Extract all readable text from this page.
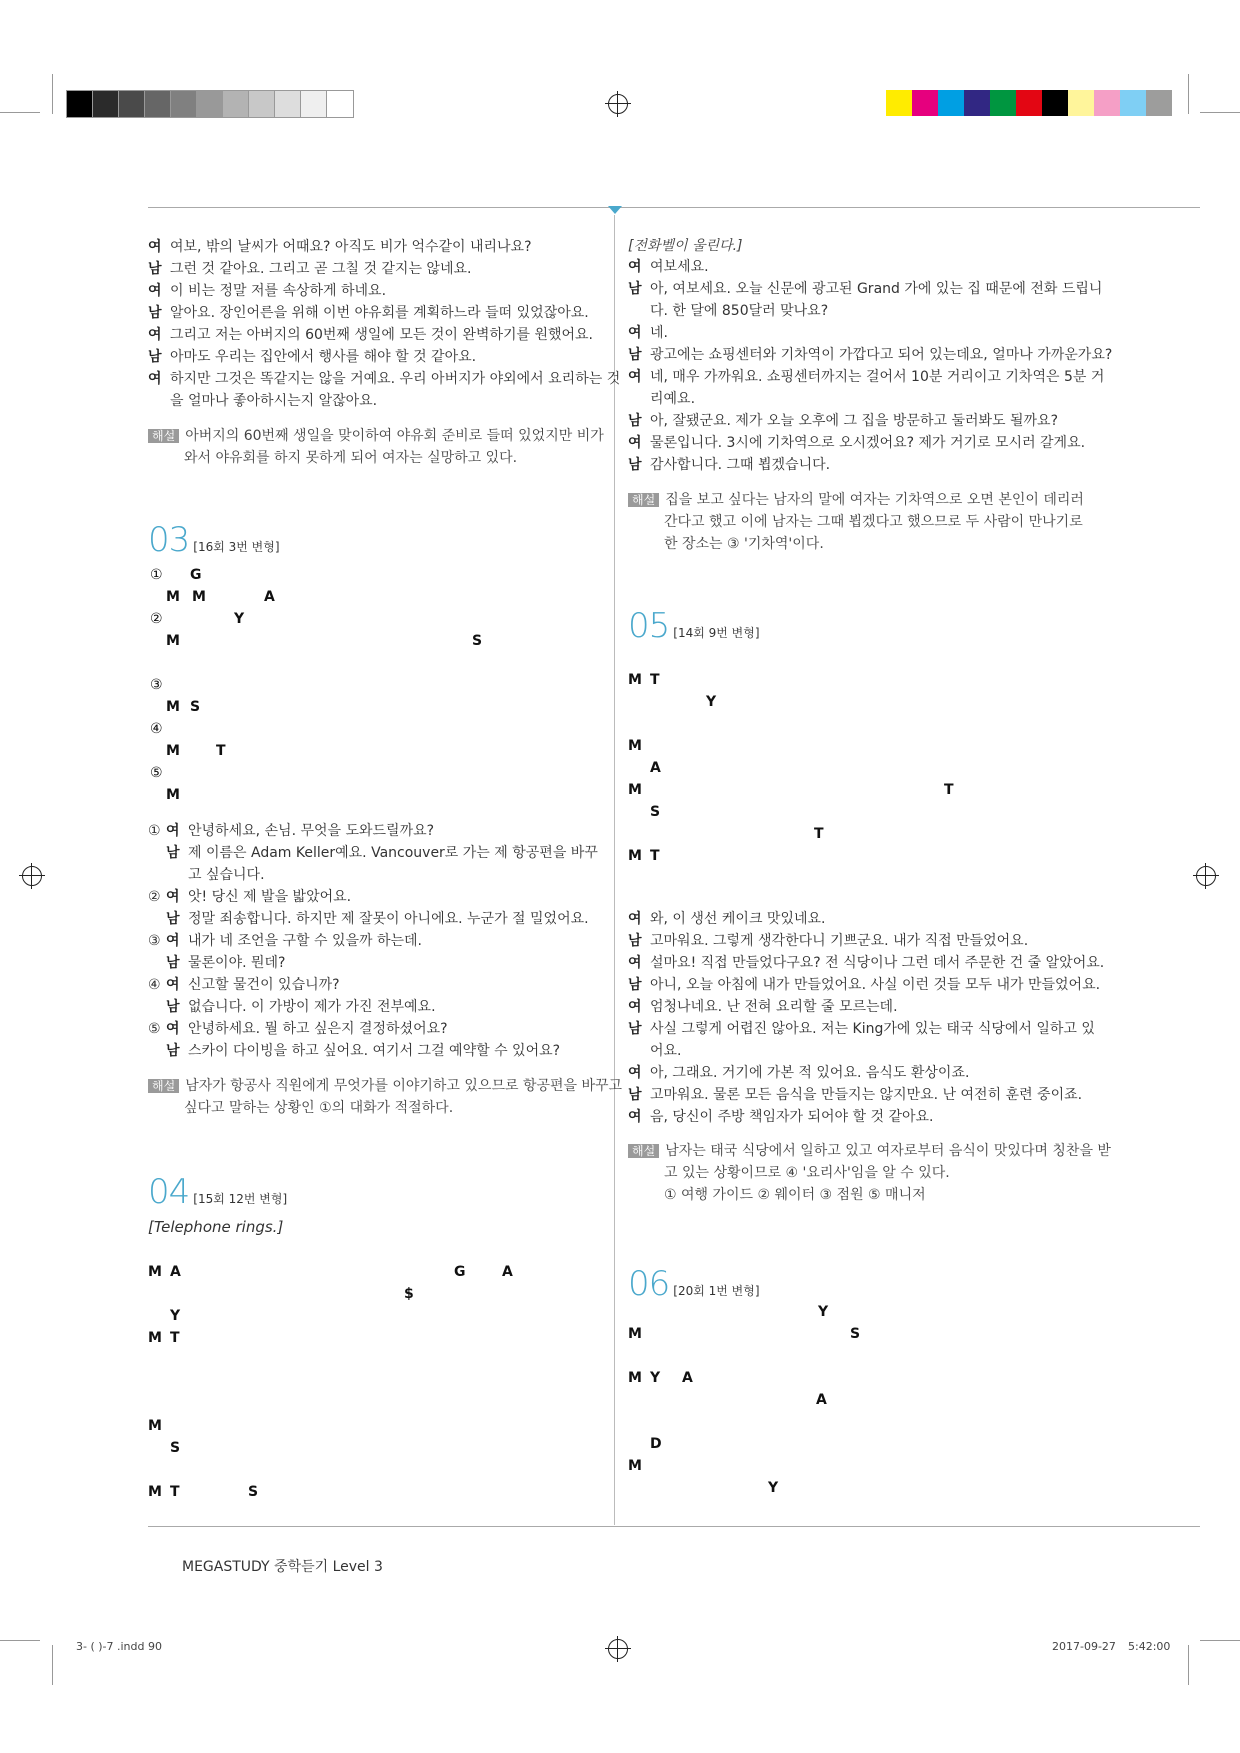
여 여보, 밖의 날씨가 어때요? 아직도 비가 억수같이 내리나요?
남 그런 것 같아요. 그리고 곧 그칠 것 같지는 않네요.
여 이 비는 정말 저를 속상하게 하네요.
남 알아요. 장인어른을 위해 이번 야유회를 계획하느라 들떠 있었잖아요.
여 그리고 저는 아버지의 60번째 생일에 모든 것이 완벽하기를 원했어요.
남 아마도 우리는 집안에서 행사를 해야 할 것 같아요.
여 하지만 그것은 똑같지는 않을 거예요. 우리 아버지가 야외에서 요리하는 것
을 얼마나 좋아하시는지 알잖아요.
해설 아버지의 60번째 생일을 맞이하여 야유회 준비로 들떠 있었지만 비가
와서 야유회를 하지 못하게 되어 여자는 실망하고 있다.
03 [16회 3번 변형]
①
②
③
④
⑤
G
M M	A
Y
M	S
M S
M	T
M
① 여 안녕하세요, 손님. 무엇을 도와드릴까요?
남 제 이름은 Adam Keller예요. Vancouver로 가는 제 항공편을 바꾸
고 싶습니다.
② 여 앗! 당신 제 발을 밟았어요.
남 정말 죄송합니다. 하지만 제 잘못이 아니에요. 누군가 절 밀었어요.
③ 여 내가 네 조언을 구할 수 있을까 하는데.
남 물론이야. 뭔데?
④ 여 신고할 물건이 있습니까?
남 없습니다. 이 가방이 제가 가진 전부예요.
⑤ 여 안녕하세요. 뭘 하고 싶은지 결정하셨어요?
남 스카이 다이빙을 하고 싶어요. 여기서 그걸 예약할 수 있어요?
해설 남자가 항공사 직원에게 무엇가를 이야기하고 있으므로 항공편을 바꾸고
싶다고 말하는 상황인 ①의 대화가 적절하다.
04 [15회 12번 변형]
[Telephone rings.]
M A	G	A
$
Y
M T
M
S
M T	S
[전화벨이 울린다.]
여 여보세요.
남 아, 여보세요. 오늘 신문에 광고된 Grand 가에 있는 집 때문에 전화 드립니
다. 한 달에 850달러 맞나요?
여 네.
남 광고에는 쇼핑센터와 기차역이 가깝다고 되어 있는데요, 얼마나 가까운가요?
여 네, 매우 가까워요. 쇼핑센터까지는 걸어서 10분 거리이고 기차역은 5분 거
리예요.
남 아, 잘됐군요. 제가 오늘 오후에 그 집을 방문하고 둘러봐도 될까요?
여 물론입니다. 3시에 기차역으로 오시겠어요? 제가 거기로 모시러 갈게요.
남 감사합니다. 그때 뵙겠습니다.
해설 집을 보고 싶다는 남자의 말에 여자는 기차역으로 오면 본인이 데리러
간다고 했고 이에 남자는 그때 뵙겠다고 했으므로 두 사람이 만나기로
한 장소는 ③ '기차역'이다.
05 [14회 9번 변형]
M T
Y
M
A
M	T
S
T
M T
여 와, 이 생선 케이크 맛있네요.
남 고마워요. 그렇게 생각한다니 기쁘군요. 내가 직접 만들었어요.
여 설마요! 직접 만들었다구요? 전 식당이나 그런 데서 주문한 건 줄 알았어요.
남 아니, 오늘 아침에 내가 만들었어요. 사실 이런 것들 모두 내가 만들었어요.
여 엄청나네요. 난 전혀 요리할 줄 모르는데.
남 사실 그렇게 어렵진 않아요. 저는 King가에 있는 태국 식당에서 일하고 있
어요.
여 아, 그래요. 거기에 가본 적 있어요. 음식도 환상이죠.
남 고마워요. 물론 모든 음식을 만들지는 않지만요. 난 여전히 훈련 중이죠.
여 음, 당신이 주방 책임자가 되어야 할 것 같아요.
해설 남자는 태국 식당에서 일하고 있고 여자로부터 음식이 맛있다며 칭찬을 받
고 있는 상황이므로 ④ '요리사'임을 알 수 있다.
① 여행 가이드 ② 웨이터 ③ 점원 ⑤ 매니저
06 [20회 1번 변형]
Y
M	S
M Y A
A
D
M
Y
MEGASTUDY 중학듣기 Level 3
3- ( )-7 .indd 90	2017-09-27 5:42:00
